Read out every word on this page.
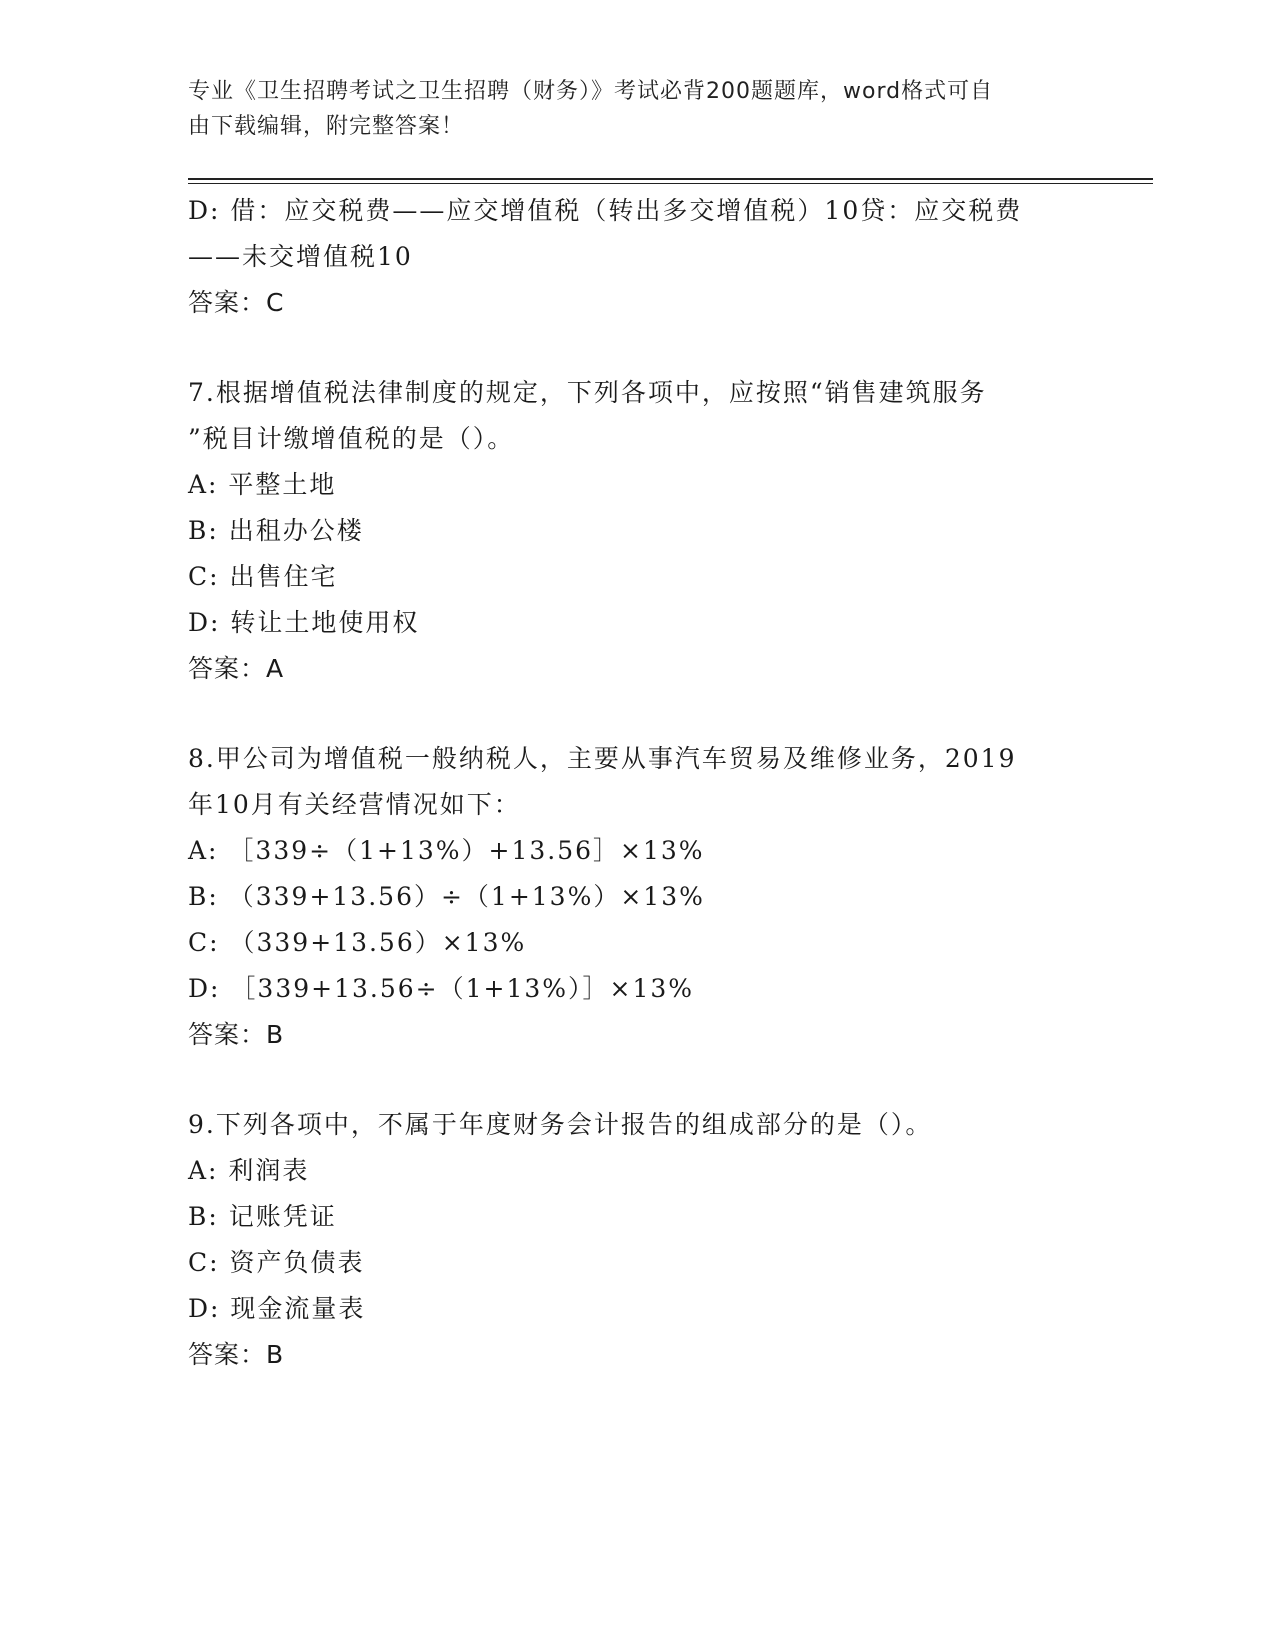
专业《卫生招聘考试之卫生招聘（财务）》考试必背200题题库，word格式可自
由下载编辑，附完整答案！
D: 借：应交税费——应交增值税（转出多交增值税）10贷：应交税费
——未交增值税10
答案：C
7.根据增值税法律制度的规定，下列各项中，应按照“销售建筑服务
”税目计缴增值税的是（）。
A: 平整土地
B: 出租办公楼
C: 出售住宅
D: 转让土地使用权
答案：A
8.甲公司为增值税一般纳税人，主要从事汽车贸易及维修业务，2019
年10月有关经营情况如下：
A: ［339÷（1+13%）+13.56］×13%
B: （339+13.56）÷（1+13%）×13%
C: （339+13.56）×13%
D: ［339+13.56÷（1+13%）］×13%
答案：B
9.下列各项中，不属于年度财务会计报告的组成部分的是（）。
A: 利润表
B: 记账凭证
C: 资产负债表
D: 现金流量表
答案：B
